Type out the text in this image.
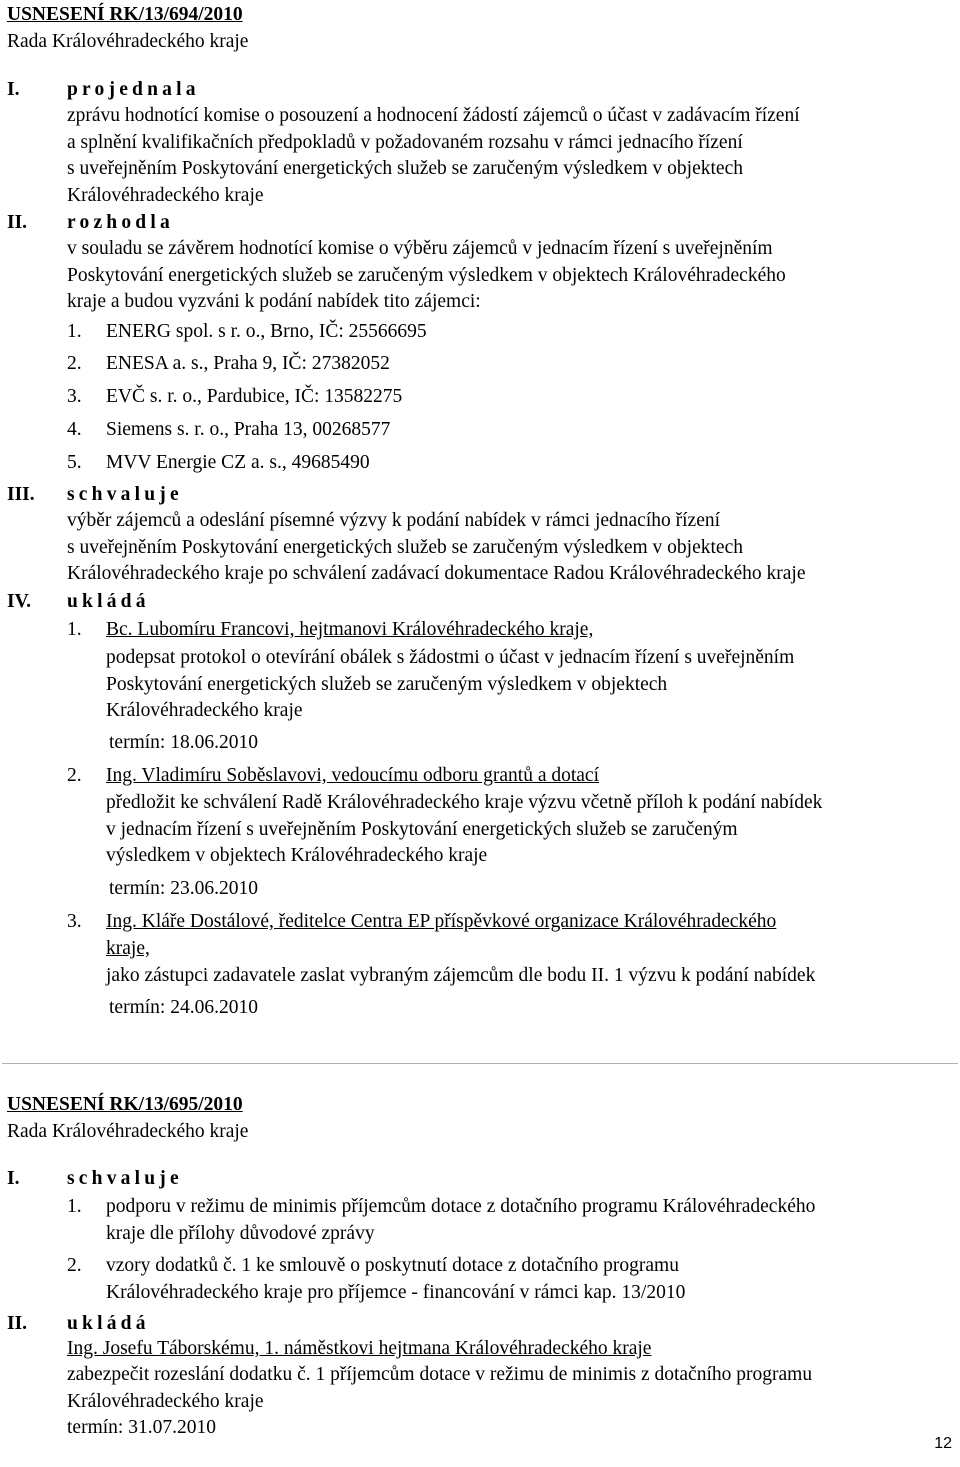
USNESENÍ RK/13/694/2010
Rada Královéhradeckého kraje
I. projednala
zprávu hodnotící komise o posouzení a hodnocení žádostí zájemců o účast v zadávacím řízení
a splnění kvalifikačních předpokladů v požadovaném rozsahu v rámci jednacího řízení
s uveřejněním Poskytování energetických služeb se zaručeným výsledkem v objektech
Královéhradeckého kraje
II. rozhodla
v souladu se závěrem hodnotící komise o výběru zájemců v jednacím řízení s uveřejněním
Poskytování energetických služeb se zaručeným výsledkem v objektech Královéhradeckého
kraje a budou vyzváni k podání nabídek tito zájemci:
1. ENERG spol. s r. o., Brno, IČ: 25566695
2. ENESA a. s., Praha 9, IČ: 27382052
3. EVČ s. r. o., Pardubice, IČ: 13582275
4. Siemens s. r. o., Praha 13, 00268577
5. MVV Energie CZ a. s., 49685490
III. schvaluje
výběr zájemců a odeslání písemné výzvy k podání nabídek v rámci jednacího řízení
s uveřejněním Poskytování energetických služeb se zaručeným výsledkem v objektech
Královéhradeckého kraje po schválení zadávací dokumentace Radou Královéhradeckého kraje
IV. ukládá
1. Bc. Lubomíru Francovi, hejtmanovi Královéhradeckého kraje,
podepsat protokol o otevírání obálek s žádostmi o účast v jednacím řízení s uveřejněním
Poskytování energetických služeb se zaručeným výsledkem v objektech
Královéhradeckého kraje
termín: 18.06.2010
2. Ing. Vladimíru Soběslavovi, vedoucímu odboru grantů a dotací
předložit ke schválení Radě Královéhradeckého kraje výzvu včetně příloh k podání nabídek
v jednacím řízení s uveřejněním Poskytování energetických služeb se zaručeným
výsledkem v objektech Královéhradeckého kraje
termín: 23.06.2010
3. Ing. Kláře Dostálové, ředitelce Centra EP příspěvkové organizace Královéhradeckého
kraje,
jako zástupci zadavatele zaslat vybraným zájemcům dle bodu II. 1 výzvu k podání nabídek
termín: 24.06.2010
USNESENÍ RK/13/695/2010
Rada Královéhradeckého kraje
I. schvaluje
1. podporu v režimu de minimis příjemcům dotace z dotačního programu Královéhradeckého
kraje dle přílohy důvodové zprávy
2. vzory dodatků č. 1 ke smlouvě o poskytnutí dotace z dotačního programu
Královéhradeckého kraje pro příjemce - financování v rámci kap. 13/2010
II. ukládá
Ing. Josefu Táborskému, 1. náměstkovi hejtmana Královéhradeckého kraje
zabezpečit rozeslání dodatku č. 1 příjemcům dotace v režimu de minimis z dotačního programu
Královéhradeckého kraje
termín: 31.07.2010
12
